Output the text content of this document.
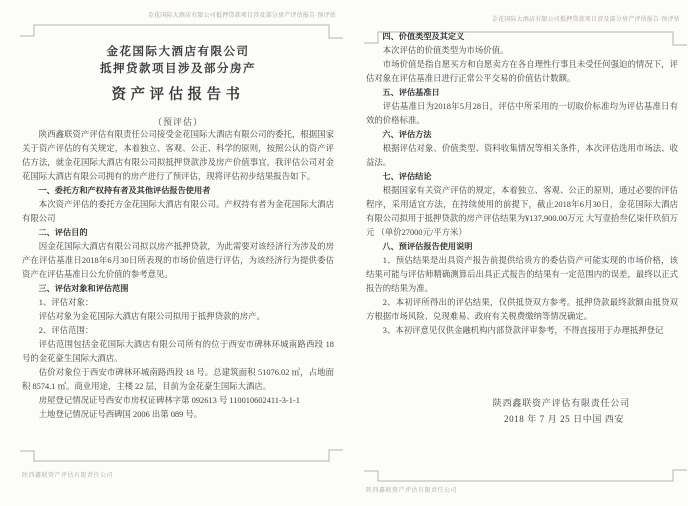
金花国际大酒店有限公司抵押贷款项目涉及部分房产评估报告·预评估
金花国际大酒店有限公司
抵押贷款项目涉及部分房产
资产评估报告书
（预评估）

陕西鑫联资产评估有限责任公司接受金花国际大酒店有限公司的委托，根据国家关于资产评估的有关规定，本着独立、客观、公正、科学的原则，按照公认的资产评估方法，就金花国际大酒店有限公司拟抵押贷款涉及房产价值事宜，我评估公司对金花国际大酒店有限公司拥有的房产进行了预评估，现将评估初步结果报告如下。

一、委托方和产权持有者及其他评估报告使用者

本次资产评估的委托方金花国际大酒店有限公司。产权持有者为金花国际大酒店有限公司

二、评估目的

因金花国际大酒店有限公司拟以房产抵押贷款，为此需要对该经济行为涉及的房产在评估基准日2018年6月30日所表现的市场价值进行评估，为该经济行为提供委估资产在评估基准日公允价值的参考意见。

三、评估对象和评估范围

1、评估对象：

评估对象为金花国际大酒店有限公司拟用于抵押贷款的房产。

2、评估范围：

评估范围包括金花国际大酒店有限公司所有的位于西安市碑林环城南路西段 18 号的金花豪生国际大酒店。

估价对象位于西安市碑林环城南路西段 18 号。总建筑面积 51076.02 ㎡，占地面积 8574.1 ㎡。商业用途，主楼 22 层，目前为金花豪生国际大酒店。

房屋登记情况证号西安市房权证碑林字第 092613 号 110010602411-3-1-1

土地登记情况证号西碑国 2006 出第 089 号。

陕西鑫联资产评估有限责任公司
金花国际大酒店有限公司抵押贷款项目涉及部分房产评估报告·预评估

四、价值类型及其定义

本次评估的价值类型为市场价值。

市场价值是指自愿买方和自愿卖方在各自理性行事且未受任何强迫的情况下，评估对象在评估基准日进行正常公平交易的价值估计数额。

五、评估基准日

评估基准日为2018年5月28日，评估中所采用的一切取价标准均为评估基准日有效的价格标准。

六、评估方法

根据评估对象、价值类型、资料收集情况等相关条件，本次评估选用市场法、收益法。

七、评估结论

根据国家有关资产评估的规定，本着独立、客观、公正的原则，通过必要的评估程序，采用适宜方法，在持续使用的前提下，截止2018年6月30日，金花国际大酒店有限公司拟用于抵押贷款的房产评估结果为¥137,900.00万元 大写壹拾叁亿柒仟玖佰万元 （单价27000元/平方米）

八、预评估报告使用说明

1、预估结果是出具资产报告前提供给贵方的委估资产可能实现的市场价格，该结果可能与评估师精确测算后出具正式报告的结果有一定范围内的误差，最终以正式报告的结果为准。

2、本初评所得出的评估结果，仅供抵贷双方参考。抵押贷款最终款额由抵贷双方根据市场风险、兑现难易、政府有关税费缴纳等情况确定。

3、本初评意见仅供金融机构内部贷款评审参考，不得直接用于办理抵押登记

陕西鑫联资产评估有限责任公司
2018 年 7 月 25 日中国 西安
陕西鑫联资产评估有限责任公司
